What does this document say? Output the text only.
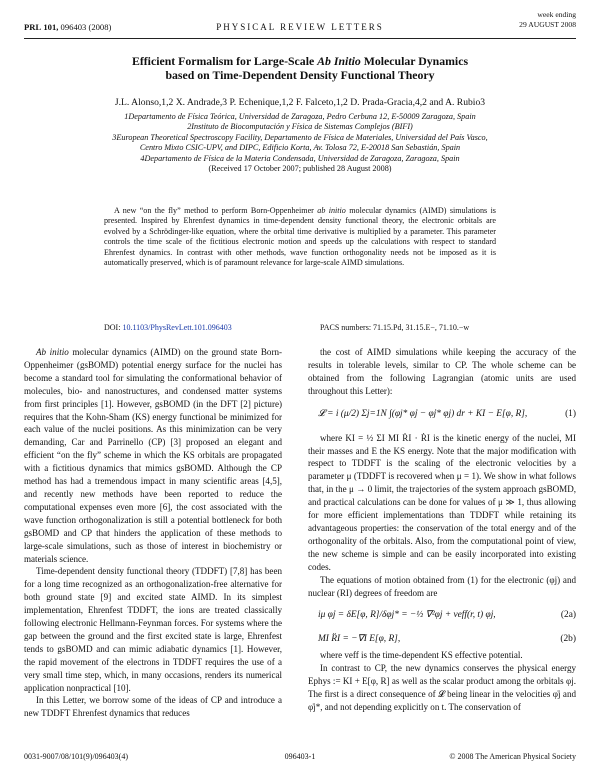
PRL 101, 096403 (2008)	PHYSICAL REVIEW LETTERS
week ending
29 AUGUST 2008
Efficient Formalism for Large-Scale Ab Initio Molecular Dynamics
based on Time-Dependent Density Functional Theory
J.L. Alonso,1,2 X. Andrade,3 P. Echenique,1,2 F. Falceto,1,2 D. Prada-Gracia,4,2 and A. Rubio3
1Departamento de Física Teórica, Universidad de Zaragoza, Pedro Cerbuna 12, E-50009 Zaragoza, Spain
2Instituto de Biocomputación y Física de Sistemas Complejos (BIFI)
3European Theoretical Spectroscopy Facility, Departamento de Física de Materiales, Universidad del País Vasco,
Centro Mixto CSIC-UPV, and DIPC, Edificio Korta, Av. Tolosa 72, E-20018 San Sebastián, Spain
4Departamento de Física de la Materia Condensada, Universidad de Zaragoza, Zaragoza, Spain
(Received 17 October 2007; published 28 August 2008)
A new “on the fly” method to perform Born-Oppenheimer ab initio molecular dynamics (AIMD) simulations is presented. Inspired by Ehrenfest dynamics in time-dependent density functional theory, the electronic orbitals are evolved by a Schrödinger-like equation, where the orbital time derivative is multiplied by a parameter. This parameter controls the time scale of the fictitious electronic motion and speeds up the calculations with respect to standard Ehrenfest dynamics. In contrast with other methods, wave function orthogonality needs not be imposed as it is automatically preserved, which is of paramount relevance for large-scale AIMD simulations.
DOI: 10.1103/PhysRevLett.101.096403	PACS numbers: 71.15.Pd, 31.15.E−, 71.10.−w

Ab initio molecular dynamics (AIMD) on the ground state Born-Oppenheimer (gsBOMD) potential energy surface for the nuclei has become a standard tool for simulating the conformational behavior of molecules, bio- and nanostructures, and condensed matter systems from first principles [1]. However, gsBOMD (in the DFT [2] picture) requires that the Kohn-Sham (KS) energy functional be minimized for each value of the nuclei positions. As this minimization can be very demanding, Car and Parrinello (CP) [3] proposed an elegant and efficient “on the fly” scheme in which the KS orbitals are propagated with a fictitious dynamics that mimics gsBOMD. Although the CP method has had a tremendous impact in many scientific areas [4,5], and recently new methods have been reported to reduce the computational expenses even more [6], the cost associated with the wave function orthogonalization is still a potential bottleneck for both gsBOMD and CP that hinders the application of these methods to large-scale simulations, such as those of interest in biochemistry or materials science.

Time-dependent density functional theory (TDDFT) [7,8] has been for a long time recognized as an orthogonalization-free alternative for both ground state [9] and excited state AIMD. In its simplest implementation, Ehrenfest TDDFT, the ions are treated classically following electronic Hellmann-Feynman forces. For systems where the gap between the ground and the first excited state is large, Ehrenfest tends to gsBOMD and can mimic adiabatic dynamics [1]. However, the rapid movement of the electrons in TDDFT requires the use of a very small time step, which, in many occasions, renders its numerical application nonpractical [10].

In this Letter, we borrow some of the ideas of CP and introduce a new TDDFT Ehrenfest dynamics that reduces

the cost of AIMD simulations while keeping the accuracy of the results in tolerable levels, similar to CP. The whole scheme can be obtained from the following Lagrangian (atomic units are used throughout this Letter):

𝓛 = i (μ/2) Σj=1N ∫(φj* φ̇j − φ̇j* φj) dr + KI − E[φ, R],	(1)

where KI = ½ ΣI MI ṘI · ṘI is the kinetic energy of the nuclei, MI their masses and E the KS energy. Note that the major modification with respect to TDDFT is the scaling of the electronic velocities by a parameter μ (TDDFT is recovered when μ = 1). We show in what follows that, in the μ → 0 limit, the trajectories of the system approach gsBOMD, and practical calculations can be done for values of μ ≫ 1, thus allowing for more efficient implementations than TDDFT while retaining its advantageous properties: the conservation of the total energy and of the orthogonality of the orbitals. Also, from the computational point of view, the new scheme is simple and can be easily incorporated into existing codes.

The equations of motion obtained from (1) for the electronic (φj) and nuclear (RI) degrees of freedom are

iμ φ̇j = δE[φ, R]/δφj* = −½ ∇²φj + veff(r, t) φj,	(2a)
MI R̈I = −∇I E[φ, R],	(2b)

where veff is the time-dependent KS effective potential.

In contrast to CP, the new dynamics conserves the physical energy Ephys := KI + E[φ, R] as well as the scalar product among the orbitals φj. The first is a direct consequence of 𝓛 being linear in the velocities φ̇j and φ̇j*, and not depending explicitly on t. The conservation of

0031-9007/08/101(9)/096403(4)	096403-1	© 2008 The American Physical Society
